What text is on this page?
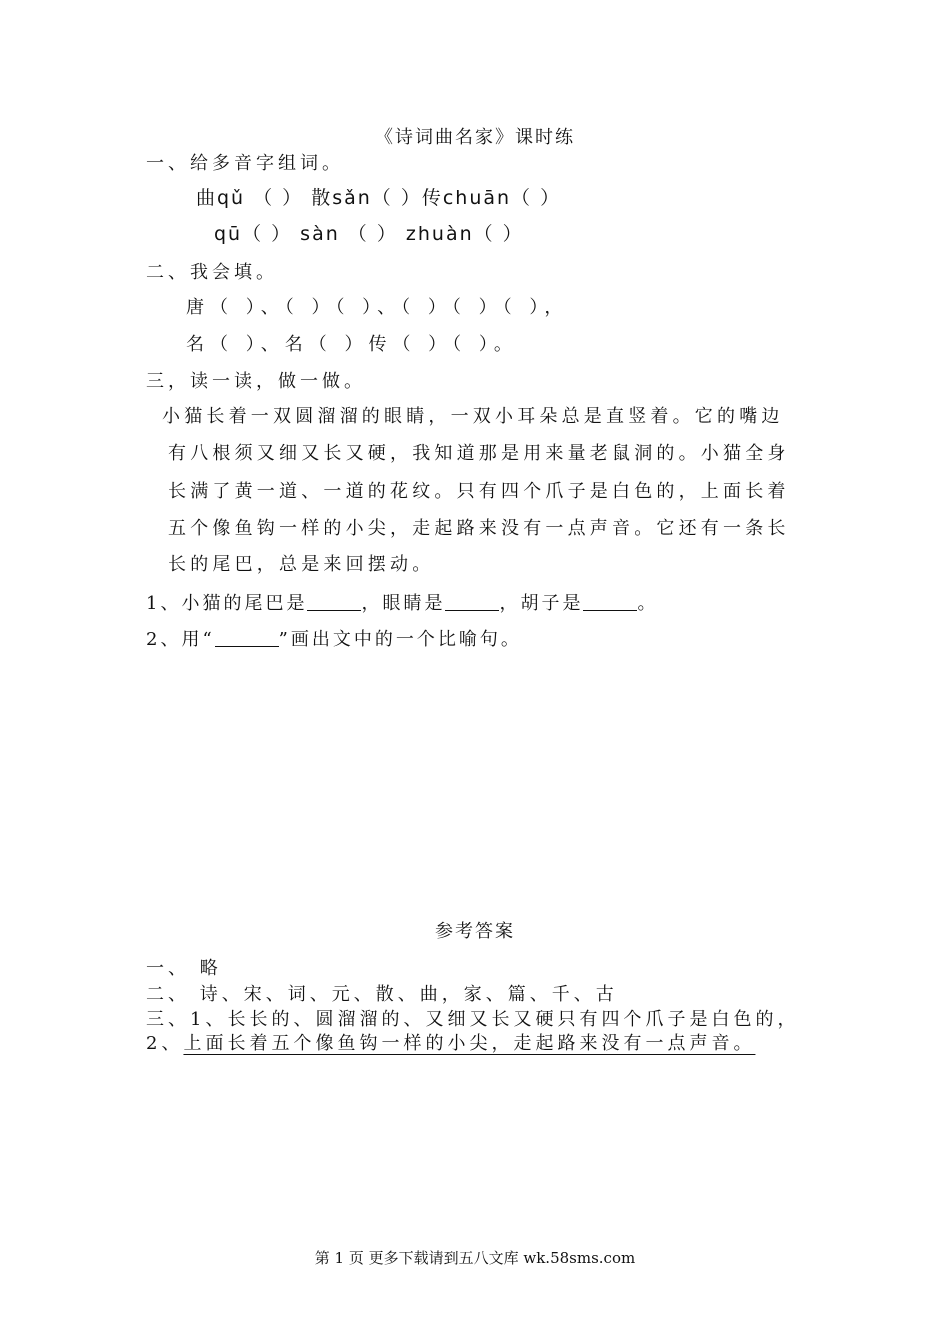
《诗词曲名家》课时练
一、给多音字组词。
曲qǔ （ ） 散sǎn（ ）传chuān（ ）
qū（ ） sàn （ ） zhuàn（ ）
二、我会填。
唐（ ）、（ ）（ ）、（ ）（ ）（ ），
名（ ）、名（ ）传（ ）（ ）。
三，读一读，做一做。
小猫长着一双圆溜溜的眼睛，一双小耳朵总是直竖着。它的嘴边
有八根须又细又长又硬，我知道那是用来量老鼠洞的。小猫全身
长满了黄一道、一道的花纹。只有四个爪子是白色的，上面长着
五个像鱼钩一样的小尖，走起路来没有一点声音。它还有一条长
长的尾巴，总是来回摆动。
1、小猫的尾巴是	，眼睛是	，胡子是	。
2、用“	”画出文中的一个比喻句。
参考答案
一、 略
二、 诗、宋、词、元、散、曲，家、篇、千、古
三、1、长长的、圆溜溜的、又细又长又硬只有四个爪子是白色的，
2、上面长着五个像鱼钩一样的小尖，走起路来没有一点声音。
第 1 页 更多下载请到五八文库 wk.58sms.com
